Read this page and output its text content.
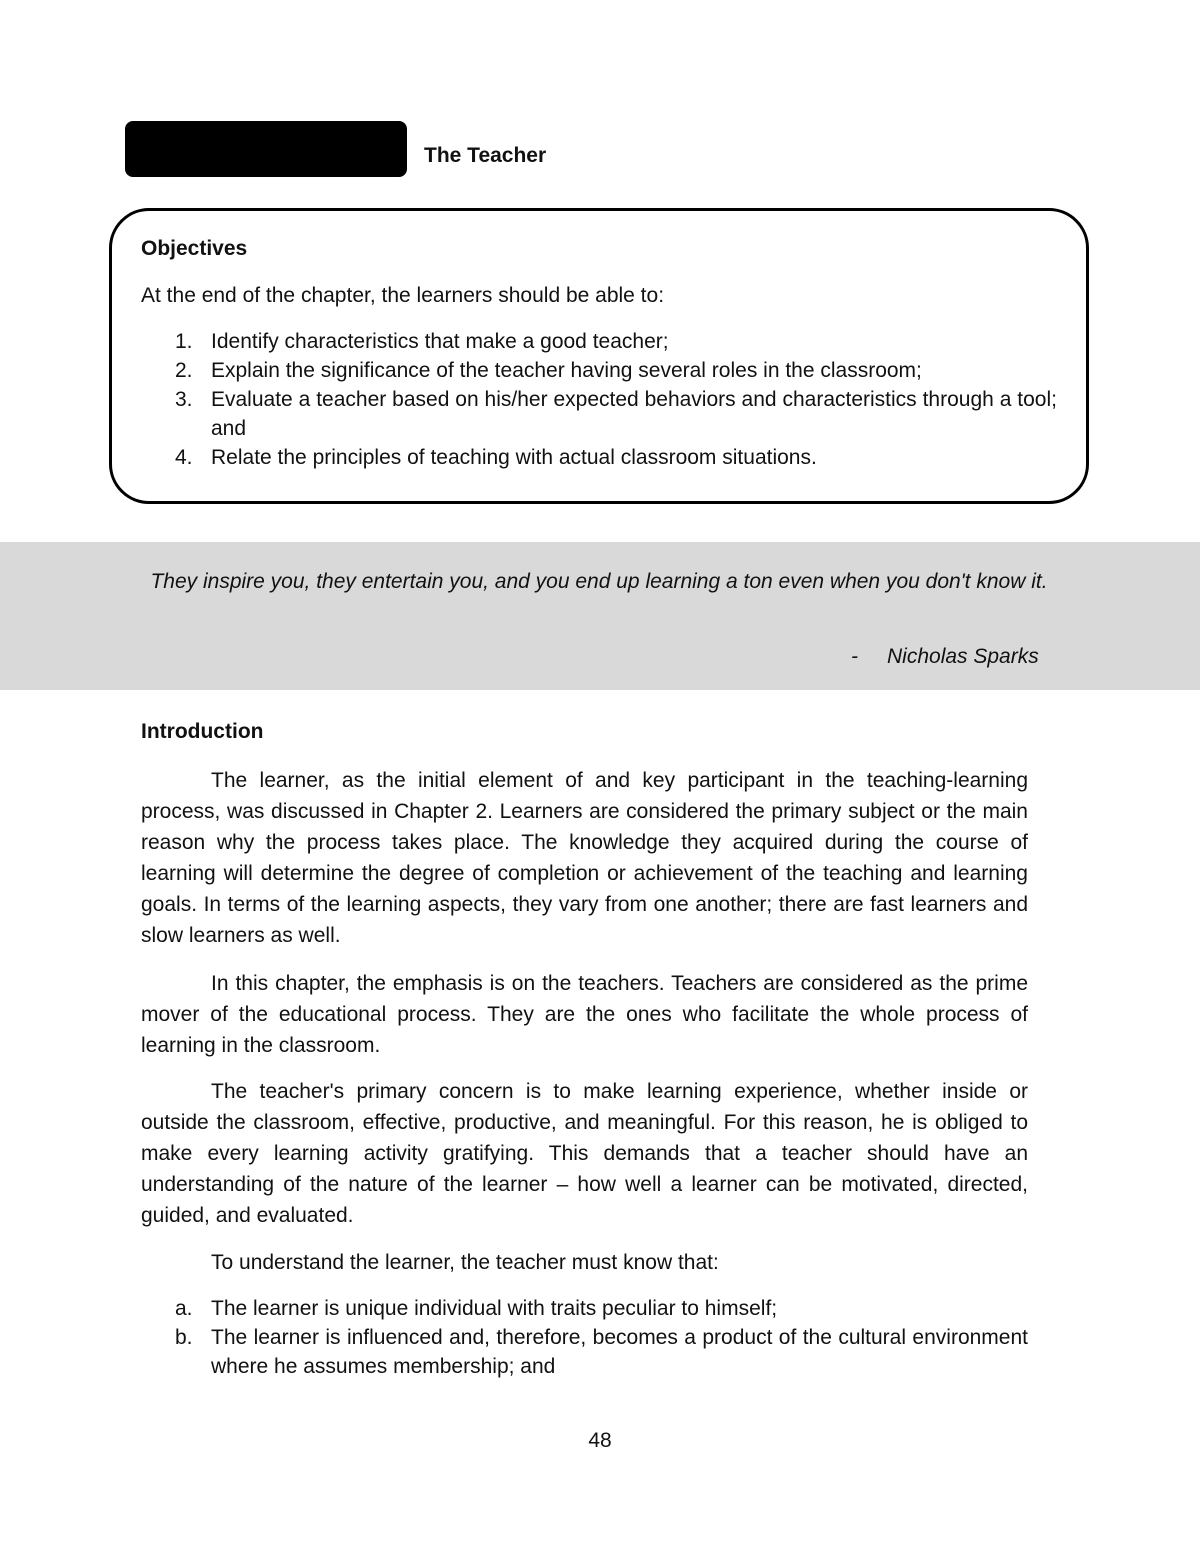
The Teacher
Objectives
At the end of the chapter, the learners should be able to:
1. Identify characteristics that make a good teacher;
2. Explain the significance of the teacher having several roles in the classroom;
3. Evaluate a teacher based on his/her expected behaviors and characteristics through a tool; and
4. Relate the principles of teaching with actual classroom situations.
They inspire you, they entertain you, and you end up learning a ton even when you don't know it.
- Nicholas Sparks
Introduction

The learner, as the initial element of and key participant in the teaching-learning process, was discussed in Chapter 2. Learners are considered the primary subject or the main reason why the process takes place. The knowledge they acquired during the course of learning will determine the degree of completion or achievement of the teaching and learning goals. In terms of the learning aspects, they vary from one another; there are fast learners and slow learners as well.

In this chapter, the emphasis is on the teachers. Teachers are considered as the prime mover of the educational process. They are the ones who facilitate the whole process of learning in the classroom.

The teacher's primary concern is to make learning experience, whether inside or outside the classroom, effective, productive, and meaningful. For this reason, he is obliged to make every learning activity gratifying. This demands that a teacher should have an understanding of the nature of the learner – how well a learner can be motivated, directed, guided, and evaluated.

To understand the learner, the teacher must know that:

a. The learner is unique individual with traits peculiar to himself;
b. The learner is influenced and, therefore, becomes a product of the cultural environment where he assumes membership; and
48
